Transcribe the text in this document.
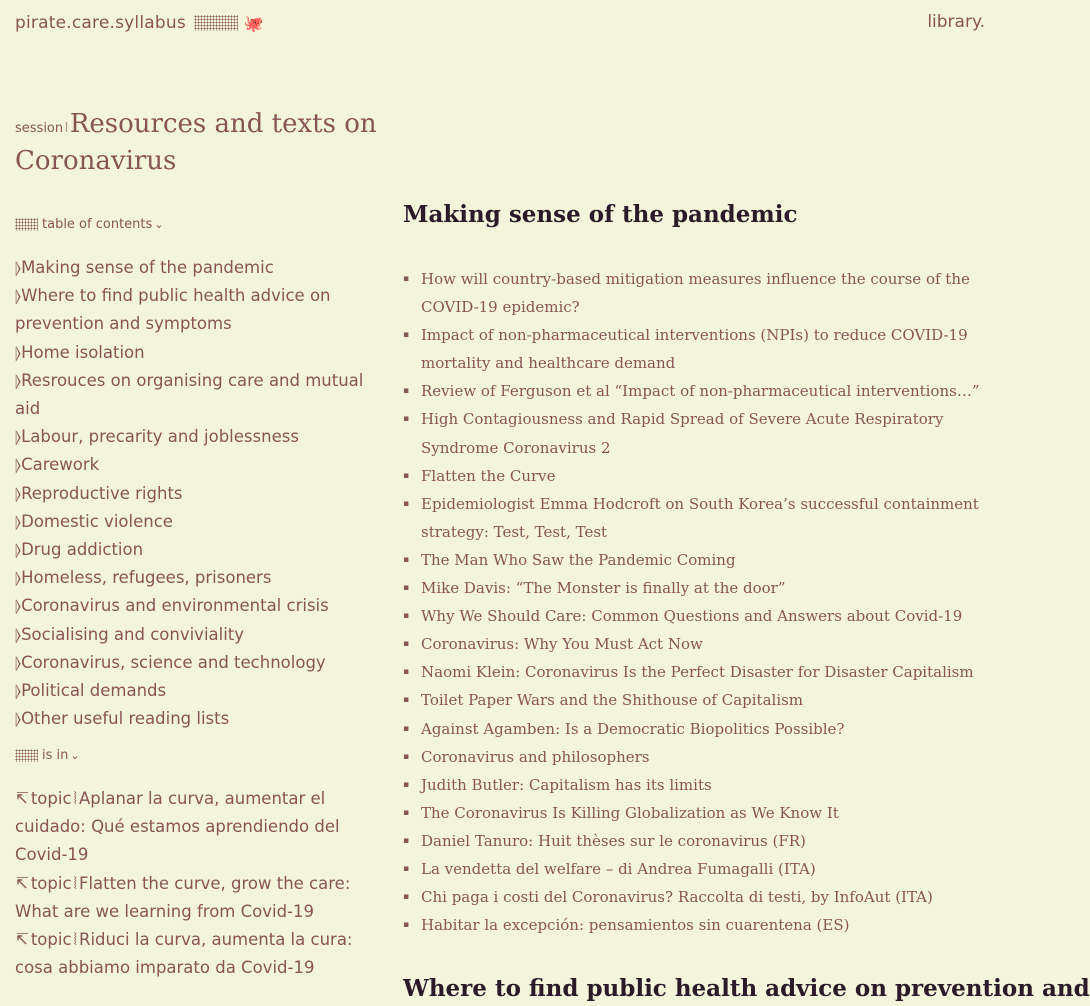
pirate.care.syllabus	🐙	library.
session ⦚Resources and texts on Coronavirus
table of contents ⌄
⦊Making sense of the pandemic
⦊Where to find public health advice on prevention and symptoms
⦊Home isolation
⦊Resrouces on organising care and mutual aid
⦊Labour, precarity and joblessness
⦊Carework
⦊Reproductive rights
⦊Domestic violence
⦊Drug addiction
⦊Homeless, refugees, prisoners
⦊Coronavirus and environmental crisis
⦊Socialising and conviviality
⦊Coronavirus, science and technology
⦊Political demands
⦊Other useful reading lists
is in ⌄
↸ topic ⦚ Aplanar la curva, aumentar el cuidado: Qué estamos aprendiendo del Covid-19
↸ topic ⦚ Flatten the curve, grow the care: What are we learning from Covid-19
↸ topic ⦚ Riduci la curva, aumenta la cura: cosa abbiamo imparato da Covid-19
Making sense of the pandemic
▪ How will country-based mitigation measures influence the course of the COVID-19 epidemic?
▪ Impact of non-pharmaceutical interventions (NPIs) to reduce COVID-19 mortality and healthcare demand
▪ Review of Ferguson et al “Impact of non-pharmaceutical interventions…”
▪ High Contagiousness and Rapid Spread of Severe Acute Respiratory Syndrome Coronavirus 2
▪ Flatten the Curve
▪ Epidemiologist Emma Hodcroft on South Korea’s successful containment strategy: Test, Test, Test
▪ The Man Who Saw the Pandemic Coming
▪ Mike Davis: “The Monster is finally at the door”
▪ Why We Should Care: Common Questions and Answers about Covid-19
▪ Coronavirus: Why You Must Act Now
▪ Naomi Klein: Coronavirus Is the Perfect Disaster for Disaster Capitalism
▪ Toilet Paper Wars and the Shithouse of Capitalism
▪ Against Agamben: Is a Democratic Biopolitics Possible?
▪ Coronavirus and philosophers
▪ Judith Butler: Capitalism has its limits
▪ The Coronavirus Is Killing Globalization as We Know It
▪ Daniel Tanuro: Huit thèses sur le coronavirus (FR)
▪ La vendetta del welfare – di Andrea Fumagalli (ITA)
▪ Chi paga i costi del Coronavirus? Raccolta di testi, by InfoAut (ITA)
▪ Habitar la excepción: pensamientos sin cuarentena (ES)
Where to find public health advice on prevention and
